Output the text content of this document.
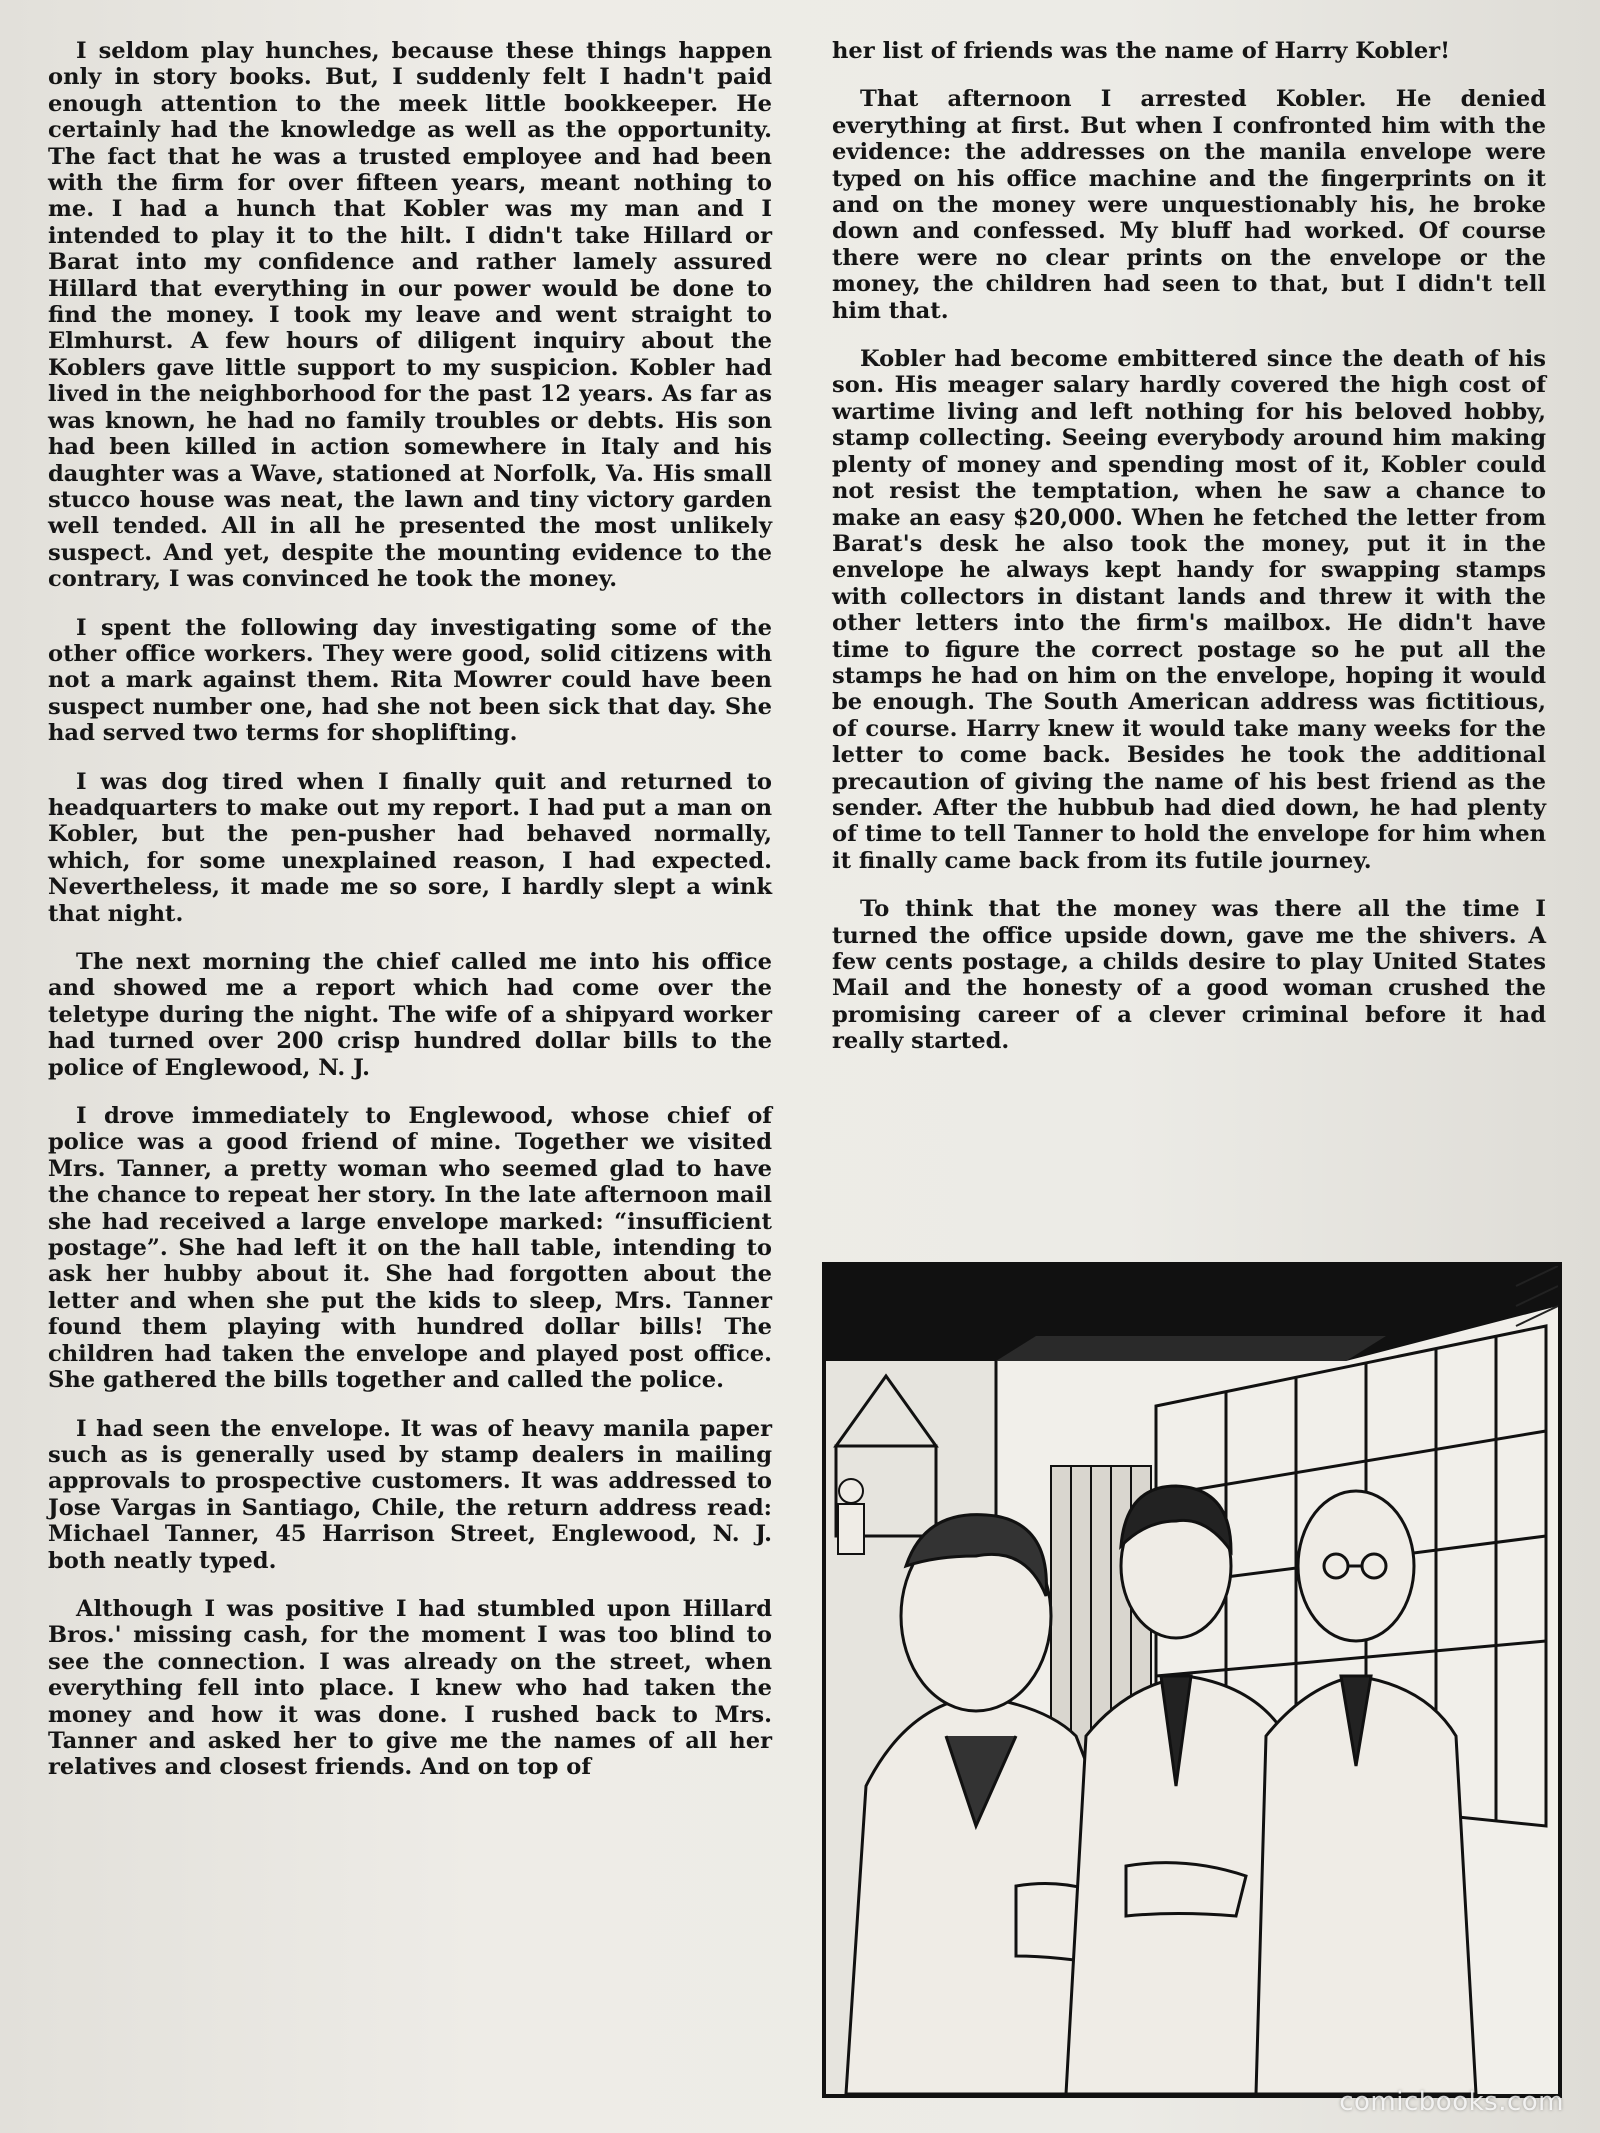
I seldom play hunches, because these things happen only in story books. But, I suddenly felt I hadn't paid enough attention to the meek little bookkeeper. He certainly had the knowledge as well as the opportunity. The fact that he was a trusted employee and had been with the firm for over fifteen years, meant nothing to me. I had a hunch that Kobler was my man and I intended to play it to the hilt. I didn't take Hillard or Barat into my confidence and rather lamely assured Hillard that everything in our power would be done to find the money. I took my leave and went straight to Elmhurst. A few hours of diligent inquiry about the Koblers gave little support to my suspicion. Kobler had lived in the neighborhood for the past 12 years. As far as was known, he had no family troubles or debts. His son had been killed in action somewhere in Italy and his daughter was a Wave, stationed at Norfolk, Va. His small stucco house was neat, the lawn and tiny victory garden well tended. All in all he presented the most unlikely suspect. And yet, despite the mounting evidence to the contrary, I was convinced he took the money.

I spent the following day investigating some of the other office workers. They were good, solid citizens with not a mark against them. Rita Mowrer could have been suspect number one, had she not been sick that day. She had served two terms for shoplifting.

I was dog tired when I finally quit and returned to headquarters to make out my report. I had put a man on Kobler, but the pen-pusher had behaved normally, which, for some unexplained reason, I had expected. Nevertheless, it made me so sore, I hardly slept a wink that night.

The next morning the chief called me into his office and showed me a report which had come over the teletype during the night. The wife of a shipyard worker had turned over 200 crisp hundred dollar bills to the police of Englewood, N. J.

I drove immediately to Englewood, whose chief of police was a good friend of mine. Together we visited Mrs. Tanner, a pretty woman who seemed glad to have the chance to repeat her story. In the late afternoon mail she had received a large envelope marked: “insufficient postage”. She had left it on the hall table, intending to ask her hubby about it. She had forgotten about the letter and when she put the kids to sleep, Mrs. Tanner found them playing with hundred dollar bills! The children had taken the envelope and played post office. She gathered the bills together and called the police.

I had seen the envelope. It was of heavy manila paper such as is generally used by stamp dealers in mailing approvals to prospective customers. It was addressed to Jose Vargas in Santiago, Chile, the return address read: Michael Tanner, 45 Harrison Street, Englewood, N. J. both neatly typed.

Although I was positive I had stumbled upon Hillard Bros.' missing cash, for the moment I was too blind to see the connection. I was already on the street, when everything fell into place. I knew who had taken the money and how it was done. I rushed back to Mrs. Tanner and asked her to give me the names of all her relatives and closest friends. And on top of

her list of friends was the name of Harry Kobler!

That afternoon I arrested Kobler. He denied everything at first. But when I confronted him with the evidence: the addresses on the manila envelope were typed on his office machine and the fingerprints on it and on the money were unquestionably his, he broke down and confessed. My bluff had worked. Of course there were no clear prints on the envelope or the money, the children had seen to that, but I didn't tell him that.

Kobler had become embittered since the death of his son. His meager salary hardly covered the high cost of wartime living and left nothing for his beloved hobby, stamp collecting. Seeing everybody around him making plenty of money and spending most of it, Kobler could not resist the temptation, when he saw a chance to make an easy $20,000. When he fetched the letter from Barat's desk he also took the money, put it in the envelope he always kept handy for swapping stamps with collectors in distant lands and threw it with the other letters into the firm's mailbox. He didn't have time to figure the correct postage so he put all the stamps he had on him on the envelope, hoping it would be enough. The South American address was fictitious, of course. Harry knew it would take many weeks for the letter to come back. Besides he took the additional precaution of giving the name of his best friend as the sender. After the hubbub had died down, he had plenty of time to tell Tanner to hold the envelope for him when it finally came back from its futile journey.

To think that the money was there all the time I turned the office upside down, gave me the shivers. A few cents postage, a childs desire to play United States Mail and the honesty of a good woman crushed the promising career of a clever criminal before it had really started.

comicbooks.com
